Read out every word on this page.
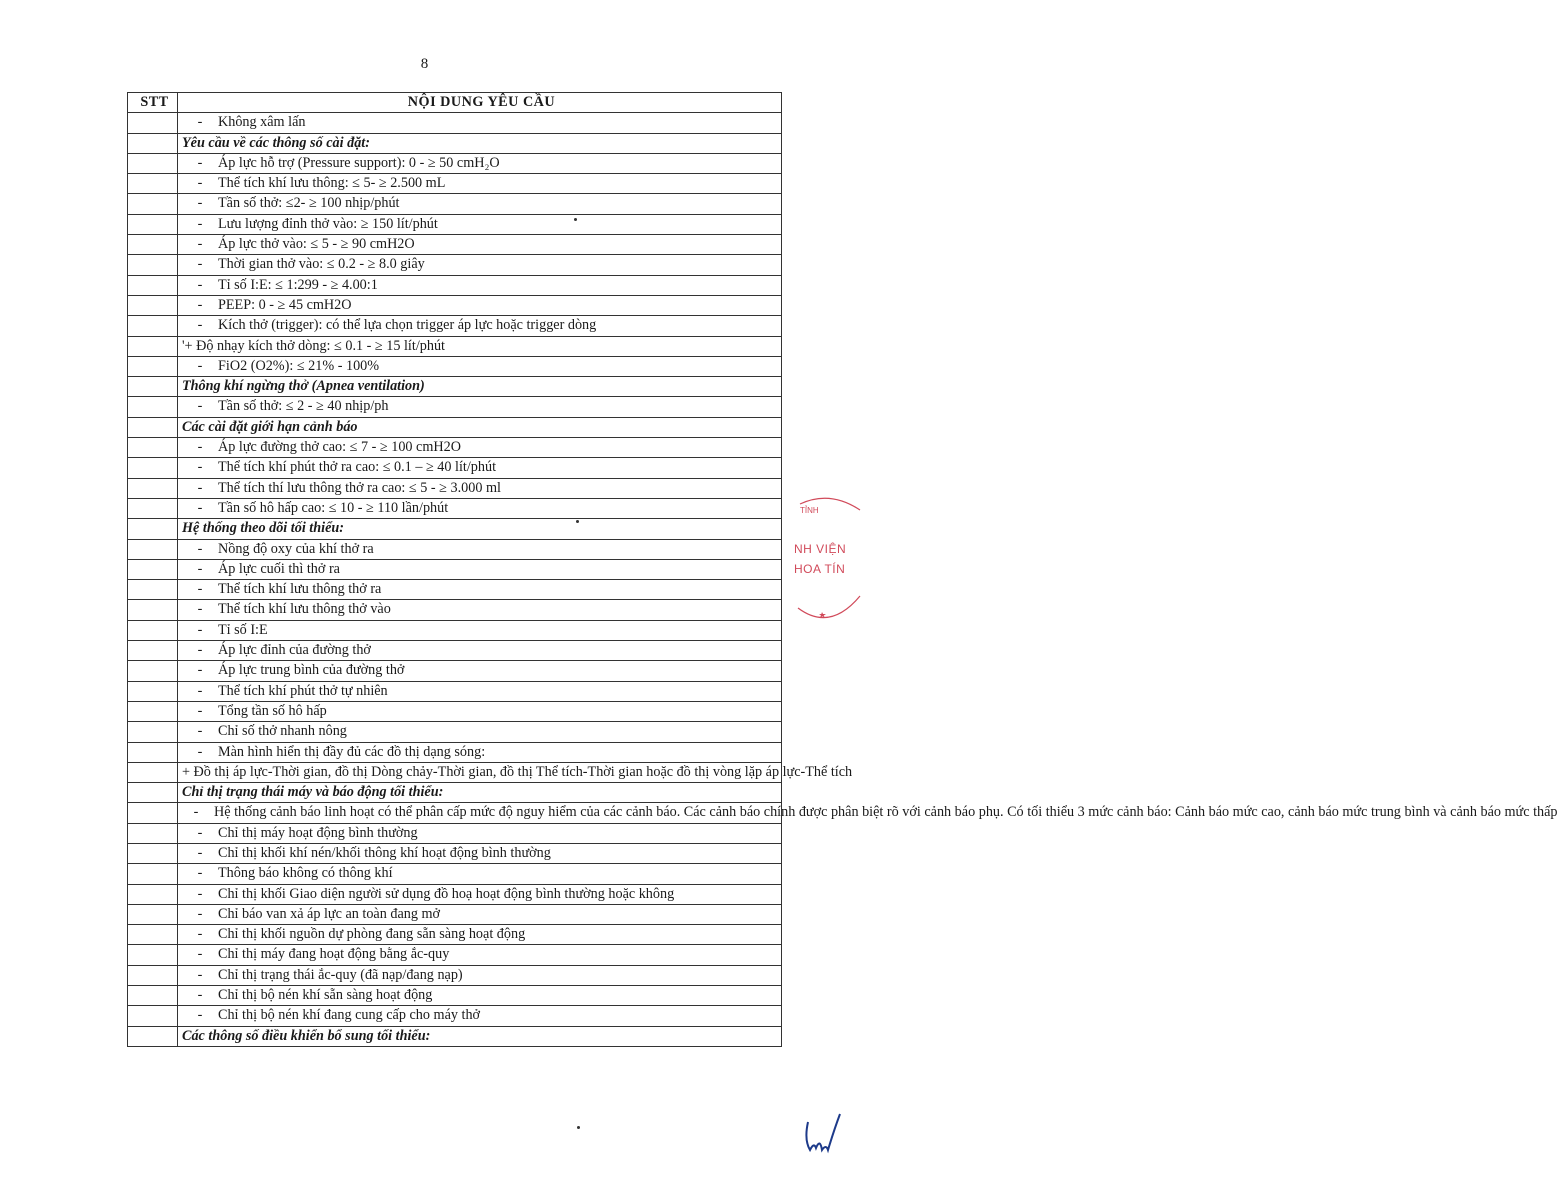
8
STT	NỘI DUNG YÊU CẦU
	- Không xâm lấn
	Yêu cầu về các thông số cài đặt:
	- Áp lực hỗ trợ (Pressure support): 0 - ≥ 50 cmH₂O
	- Thể tích khí lưu thông: ≤ 5- ≥ 2.500 mL
	- Tần số thở: ≤2- ≥ 100 nhịp/phút
	- Lưu lượng đỉnh thở vào: ≥ 150 lít/phút
	- Áp lực thở vào: ≤ 5 - ≥ 90 cmH2O
	- Thời gian thở vào: ≤ 0.2 - ≥ 8.0 giây
	- Tỉ số I:E: ≤ 1:299 - ≥ 4.00:1
	- PEEP: 0 - ≥ 45 cmH2O
	- Kích thở (trigger): có thể lựa chọn trigger áp lực hoặc trigger dòng
	'+ Độ nhạy kích thở dòng: ≤ 0.1 - ≥ 15 lít/phút
	- FiO2 (O2%): ≤ 21% - 100%
	Thông khí ngừng thở (Apnea ventilation)
	- Tần số thở: ≤ 2 - ≥ 40 nhịp/ph
	Các cài đặt giới hạn cảnh báo
	- Áp lực đường thở cao: ≤ 7 - ≥ 100 cmH2O
	- Thể tích khí phút thở ra cao: ≤ 0.1 – ≥ 40 lít/phút
	- Thể tích thí lưu thông thở ra cao: ≤ 5 - ≥ 3.000 ml
	- Tần số hô hấp cao: ≤ 10 - ≥ 110 lần/phút
	Hệ thống theo dõi tối thiểu:
	- Nồng độ oxy của khí thở ra
	- Áp lực cuối thì thở ra
	- Thể tích khí lưu thông thở ra
	- Thể tích khí lưu thông thở vào
	- Tỉ số I:E
	- Áp lực đỉnh của đường thở
	- Áp lực trung bình của đường thở
	- Thể tích khí phút thở tự nhiên
	- Tổng tần số hô hấp
	- Chỉ số thở nhanh nông
	- Màn hình hiển thị đầy đủ các đồ thị dạng sóng:
	+ Đồ thị áp lực-Thời gian, đồ thị Dòng chảy-Thời gian, đồ thị Thể tích-Thời gian hoặc đồ thị vòng lặp áp lực-Thể tích
	Chỉ thị trạng thái máy và báo động tối thiểu:
	- Hệ thống cảnh báo linh hoạt có thể phân cấp mức độ nguy hiểm của các cảnh báo. Các cảnh báo chính được phân biệt rõ với cảnh báo phụ. Có tối thiểu 3 mức cảnh báo: Cảnh báo mức cao, cảnh báo mức trung bình và cảnh báo mức thấp
	- Chỉ thị máy hoạt động bình thường
	- Chỉ thị khối khí nén/khối thông khí hoạt động bình thường
	- Thông báo không có thông khí
	- Chỉ thị khối Giao diện người sử dụng đồ hoạ hoạt động bình thường hoặc không
	- Chỉ báo van xả áp lực an toàn đang mở
	- Chỉ thị khối nguồn dự phòng đang sẵn sàng hoạt động
	- Chỉ thị máy đang hoạt động bằng ắc-quy
	- Chỉ thị trạng thái ắc-quy (đã nạp/đang nạp)
	- Chỉ thị bộ nén khí sẵn sàng hoạt động
	- Chỉ thị bộ nén khí đang cung cấp cho máy thở
	Các thông số điều khiển bổ sung tối thiểu:
TỈNH
NH VIỆN
HOA TÍN
